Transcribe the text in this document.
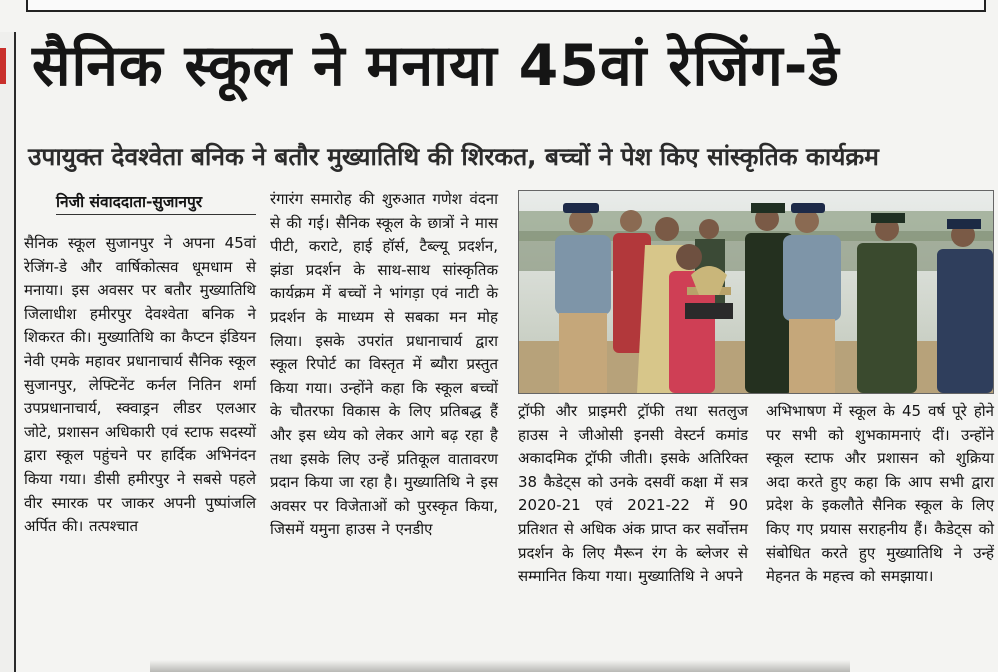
सैनिक स्कूल ने मनाया 45वां रेजिंग-डे
उपायुक्त देवश्वेता बनिक ने बतौर मुख्यातिथि की शिरकत, बच्चों ने पेश किए सांस्कृतिक कार्यक्रम
निजी संवाददाता-सुजानपुर

सैनिक स्कूल सुजानपुर ने अपना 45वां रेजिंग-डे और वार्षिकोत्सव धूमधाम से मनाया। इस अवसर पर बतौर मुख्यातिथि जिलाधीश हमीरपुर देवश्वेता बनिक ने शिकरत की। मुख्यातिथि का कैप्टन इंडियन नेवी एमके महावर प्रधानाचार्य सैनिक स्कूल सुजानपुर, लेफ्टिनेंट कर्नल नितिन शर्मा उपप्रधानाचार्य, स्क्वाड्रन लीडर एलआर जोटे, प्रशासन अधिकारी एवं स्टाफ सदस्यों द्वारा स्कूल पहुंचने पर हार्दिक अभिनंदन किया गया। डीसी हमीरपुर ने सबसे पहले वीर स्मारक पर जाकर अपनी पुष्पांजलि अर्पित की। तत्पश्चात

रंगारंग समारोह की शुरुआत गणेश वंदना से की गई। सैनिक स्कूल के छात्रों ने मास पीटी, कराटे, हाई हॉर्स, टैब्ल्यू प्रदर्शन, झंडा प्रदर्शन के साथ-साथ सांस्कृतिक कार्यक्रम में बच्चों ने भांगड़ा एवं नाटी के प्रदर्शन के माध्यम से सबका मन मोह लिया। इसके उपरांत प्रधानाचार्य द्वारा स्कूल रिपोर्ट का विस्तृत में ब्यौरा प्रस्तुत किया गया। उन्होंने कहा कि स्कूल बच्चों के चौतरफा विकास के लिए प्रतिबद्ध हैं और इस ध्येय को लेकर आगे बढ़ रहा है तथा इसके लिए उन्हें प्रतिकूल वातावरण प्रदान किया जा रहा है। मुख्यातिथि ने इस अवसर पर विजेताओं को पुरस्कृत किया, जिसमें यमुना हाउस ने एनडीए

ट्रॉफी और प्राइमरी ट्रॉफी तथा सतलुज हाउस ने जीओसी इनसी वेस्टर्न कमांड अकादमिक ट्रॉफी जीती। इसके अतिरिक्त 38 कैडेट्स को उनके दसवीं कक्षा में सत्र 2020-21 एवं 2021-22 में 90 प्रतिशत से अधिक अंक प्राप्त कर सर्वोत्तम प्रदर्शन के लिए मैरून रंग के ब्लेजर से सम्मानित किया गया। मुख्यातिथि ने अपने

अभिभाषण में स्कूल के 45 वर्ष पूरे होने पर सभी को शुभकामनाएं दीं। उन्होंने स्कूल स्टाफ और प्रशासन को शुक्रिया अदा करते हुए कहा कि आप सभी द्वारा प्रदेश के इकलौते सैनिक स्कूल के लिए किए गए प्रयास सराहनीय हैं। कैडेट्स को संबोधित करते हुए मुख्यातिथि ने उन्हें मेहनत के महत्त्व को समझाया।
